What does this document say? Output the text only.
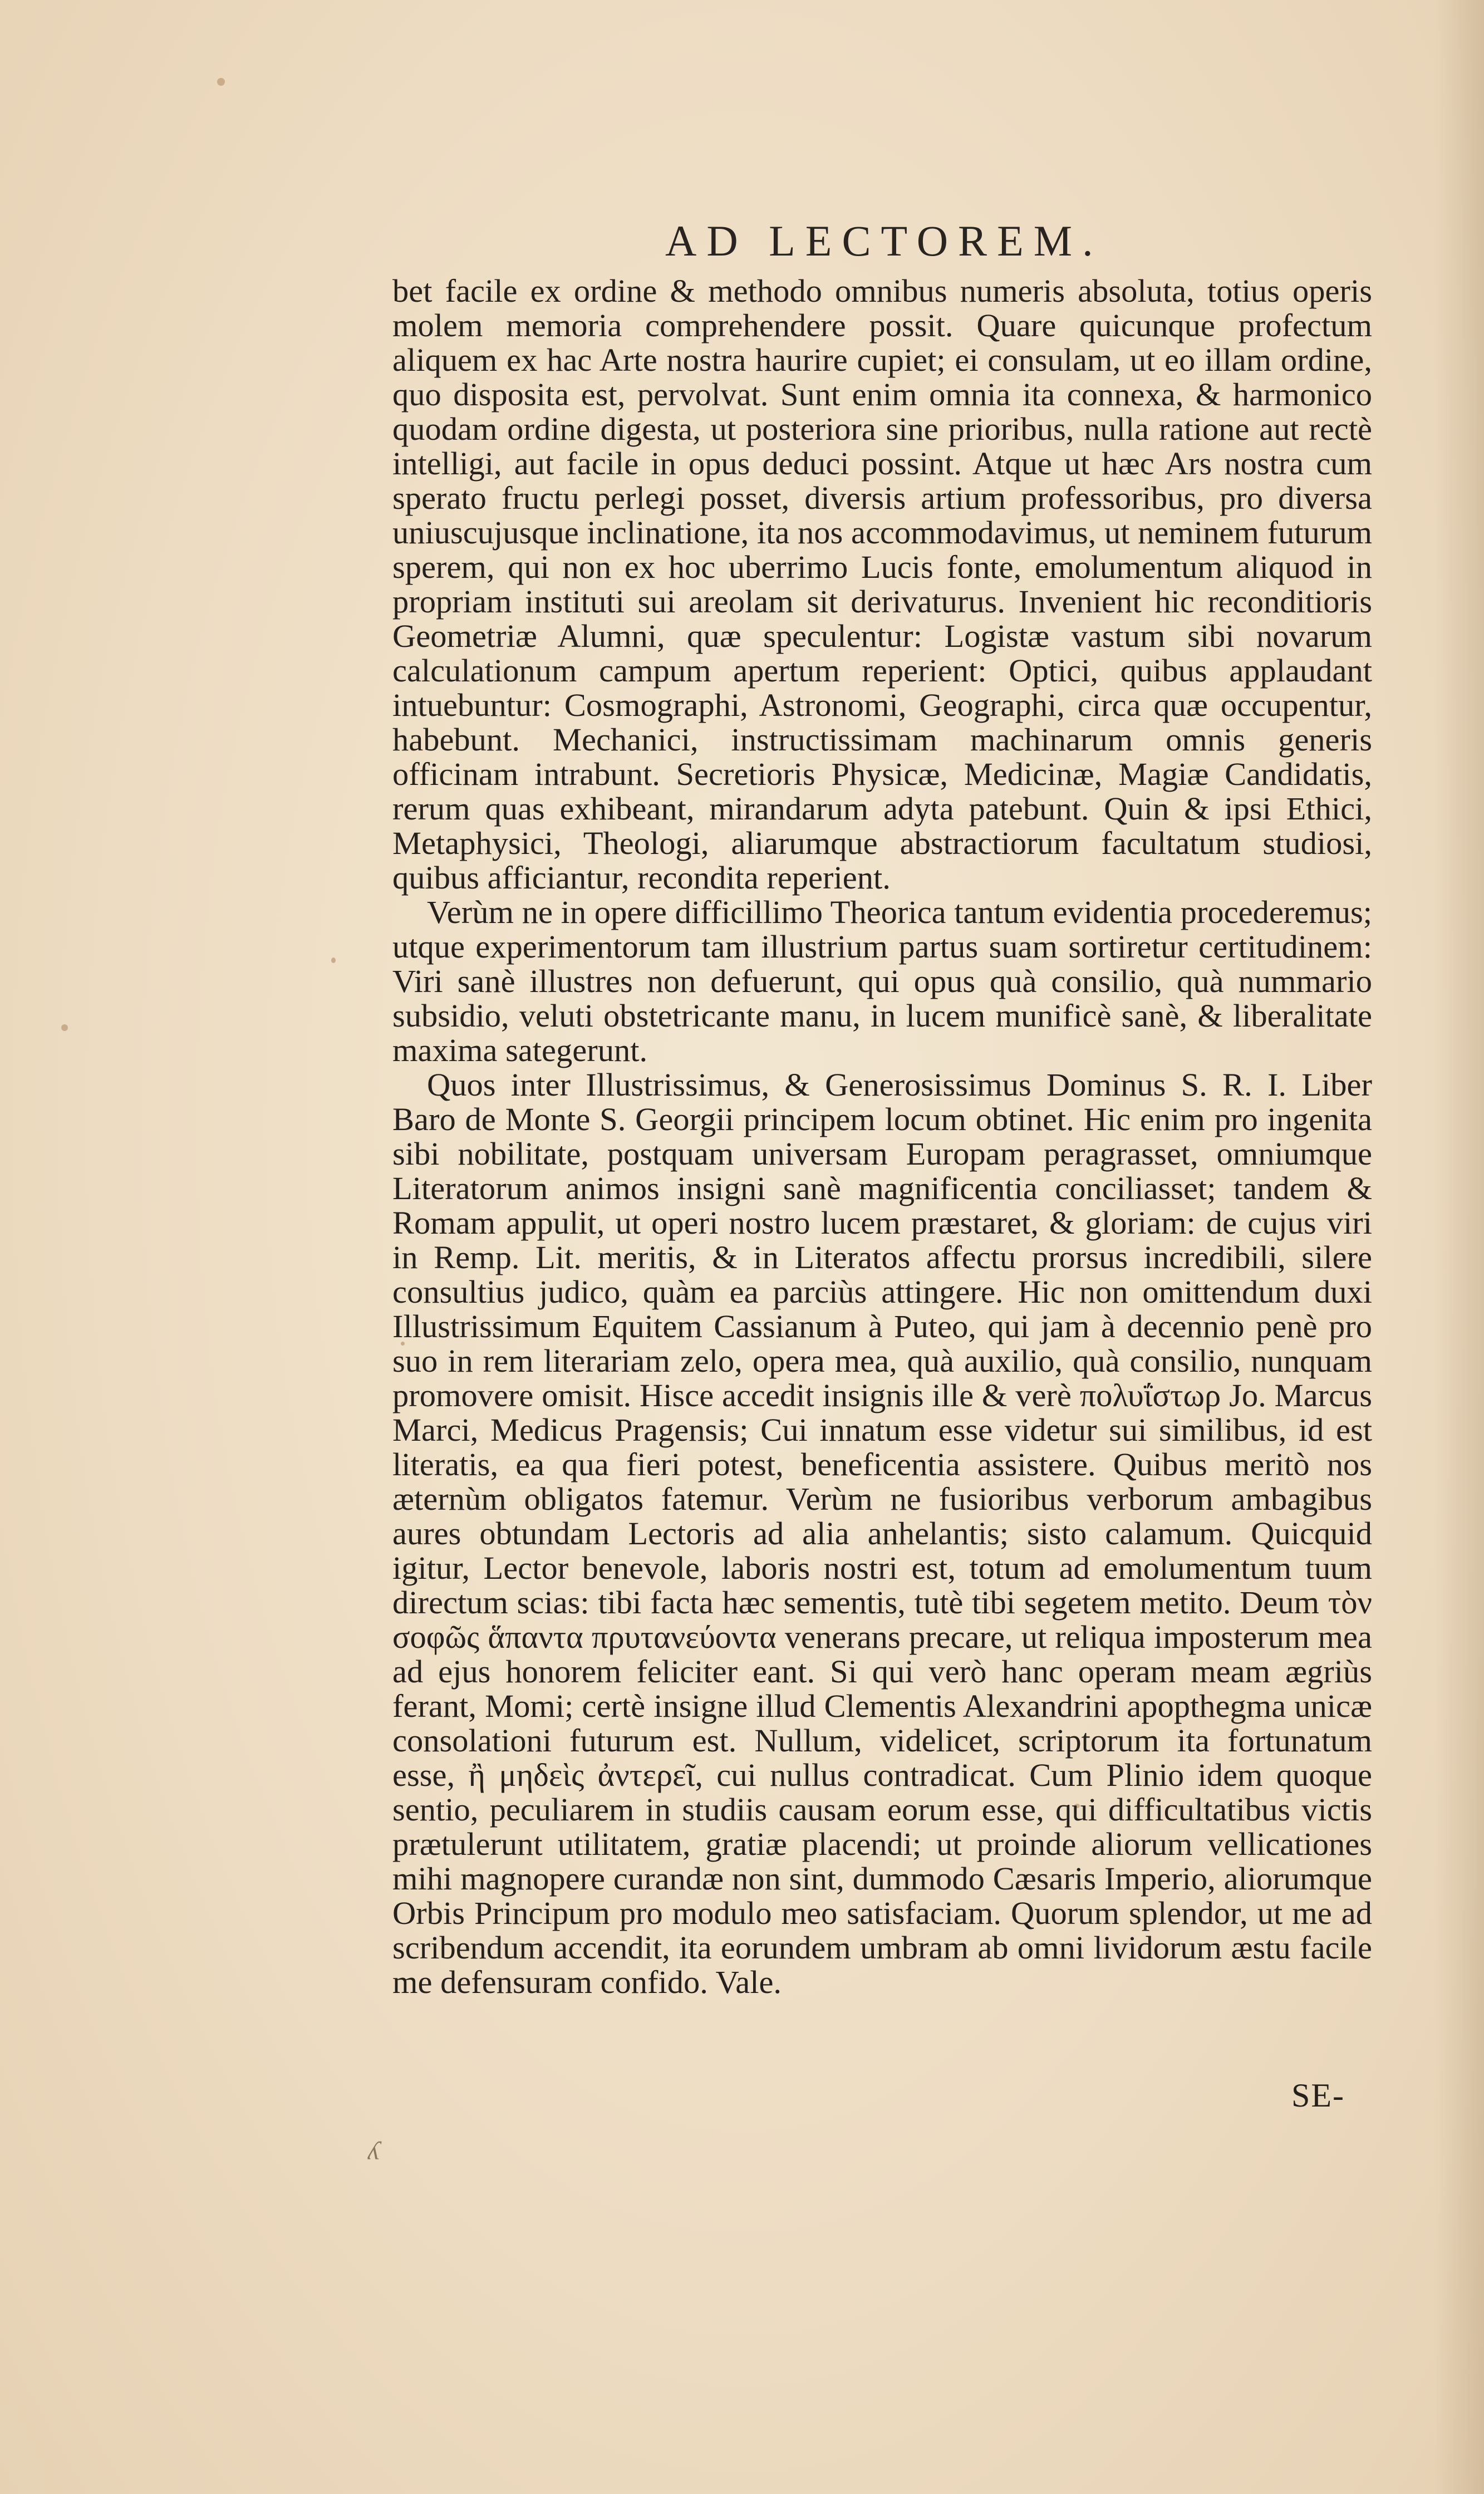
AD LECTOREM.

bet facile ex ordine & methodo omnibus numeris absoluta, totius operis molem memoria comprehendere possit. Quare quicunque profectum aliquem ex hac Arte nostra haurire cupiet; ei consulam, ut eo illam ordine, quo disposita est, pervolvat. Sunt enim omnia ita connexa, & harmonico quodam ordine digesta, ut posteriora sine prioribus, nulla ratione aut rectè intelligi, aut facile in opus deduci possint. Atque ut hæc Ars nostra cum sperato fructu perlegi posset, diversis artium professoribus, pro diversa uniuscujusque inclinatione, ita nos accommodavimus, ut neminem futurum sperem, qui non ex hoc uberrimo Lucis fonte, emolumentum aliquod in propriam instituti sui areolam sit derivaturus. Invenient hic reconditioris Geometriæ Alumni, quæ speculentur: Logistæ vastum sibi novarum calculationum campum apertum reperient: Optici, quibus applaudant intuebuntur: Cosmographi, Astronomi, Geographi, circa quæ occupentur, habebunt. Mechanici, instructissimam machinarum omnis generis officinam intrabunt. Secretioris Physicæ, Medicinæ, Magiæ Candidatis, rerum quas exhibeant, mirandarum adyta patebunt. Quin & ipsi Ethici, Metaphysici, Theologi, aliarumque abstractiorum facultatum studiosi, quibus afficiantur, recondita reperient.

Verùm ne in opere difficillimo Theorica tantum evidentia procederemus; utque experimentorum tam illustrium partus suam sortiretur certitudinem: Viri sanè illustres non defuerunt, qui opus quà consilio, quà nummario subsidio, veluti obstetricante manu, in lucem munificè sanè, & liberalitate maxima sategerunt.

Quos inter Illustrissimus, & Generosissimus Dominus S. R. I. Liber Baro de Monte S. Georgii principem locum obtinet. Hic enim pro ingenita sibi nobilitate, postquam universam Europam peragrasset, omniumque Literatorum animos insigni sanè magnificentia conciliasset; tandem & Romam appulit, ut operi nostro lucem præstaret, & gloriam: de cujus viri in Remp. Lit. meritis, & in Literatos affectu prorsus incredibili, silere consultius judico, quàm ea parciùs attingere. Hic non omittendum duxi Illustrissimum Equitem Cassianum à Puteo, qui jam à decennio penè pro suo in rem literariam zelo, opera mea, quà auxilio, quà consilio, nunquam promovere omisit. Hisce accedit insignis ille & verè πολυΐστωρ Jo. Marcus Marci, Medicus Pragensis; Cui innatum esse videtur sui similibus, id est literatis, ea qua fieri potest, beneficentia assistere. Quibus meritò nos æternùm obligatos fatemur. Verùm ne fusioribus verborum ambagibus aures obtundam Lectoris ad alia anhelantis; sisto calamum. Quicquid igitur, Lector benevole, laboris nostri est, totum ad emolumentum tuum directum scias: tibi facta hæc sementis, tutè tibi segetem metito. Deum τὸν σοφῶς ἅπαντα πρυτανεύοντα venerans precare, ut reliqua imposterum mea ad ejus honorem feliciter eant. Si qui verò hanc operam meam ægriùs ferant, Momi; certè insigne illud Clementis Alexandrini apopthegma unicæ consolationi futurum est. Nullum, videlicet, scriptorum ita fortunatum esse, ἢ μηδεὶς ἀντερεῖ, cui nullus contradicat. Cum Plinio idem quoque sentio, peculiarem in studiis causam eorum esse, qui difficultatibus victis prætulerunt utilitatem, gratiæ placendi; ut proinde aliorum vellicationes mihi magnopere curandæ non sint, dummodo Cæsaris Imperio, aliorumque Orbis Principum pro modulo meo satisfaciam. Quorum splendor, ut me ad scribendum accendit, ita eorundem umbram ab omni lividorum æstu facile me defensuram confido. Vale.

SE-
ʎ
